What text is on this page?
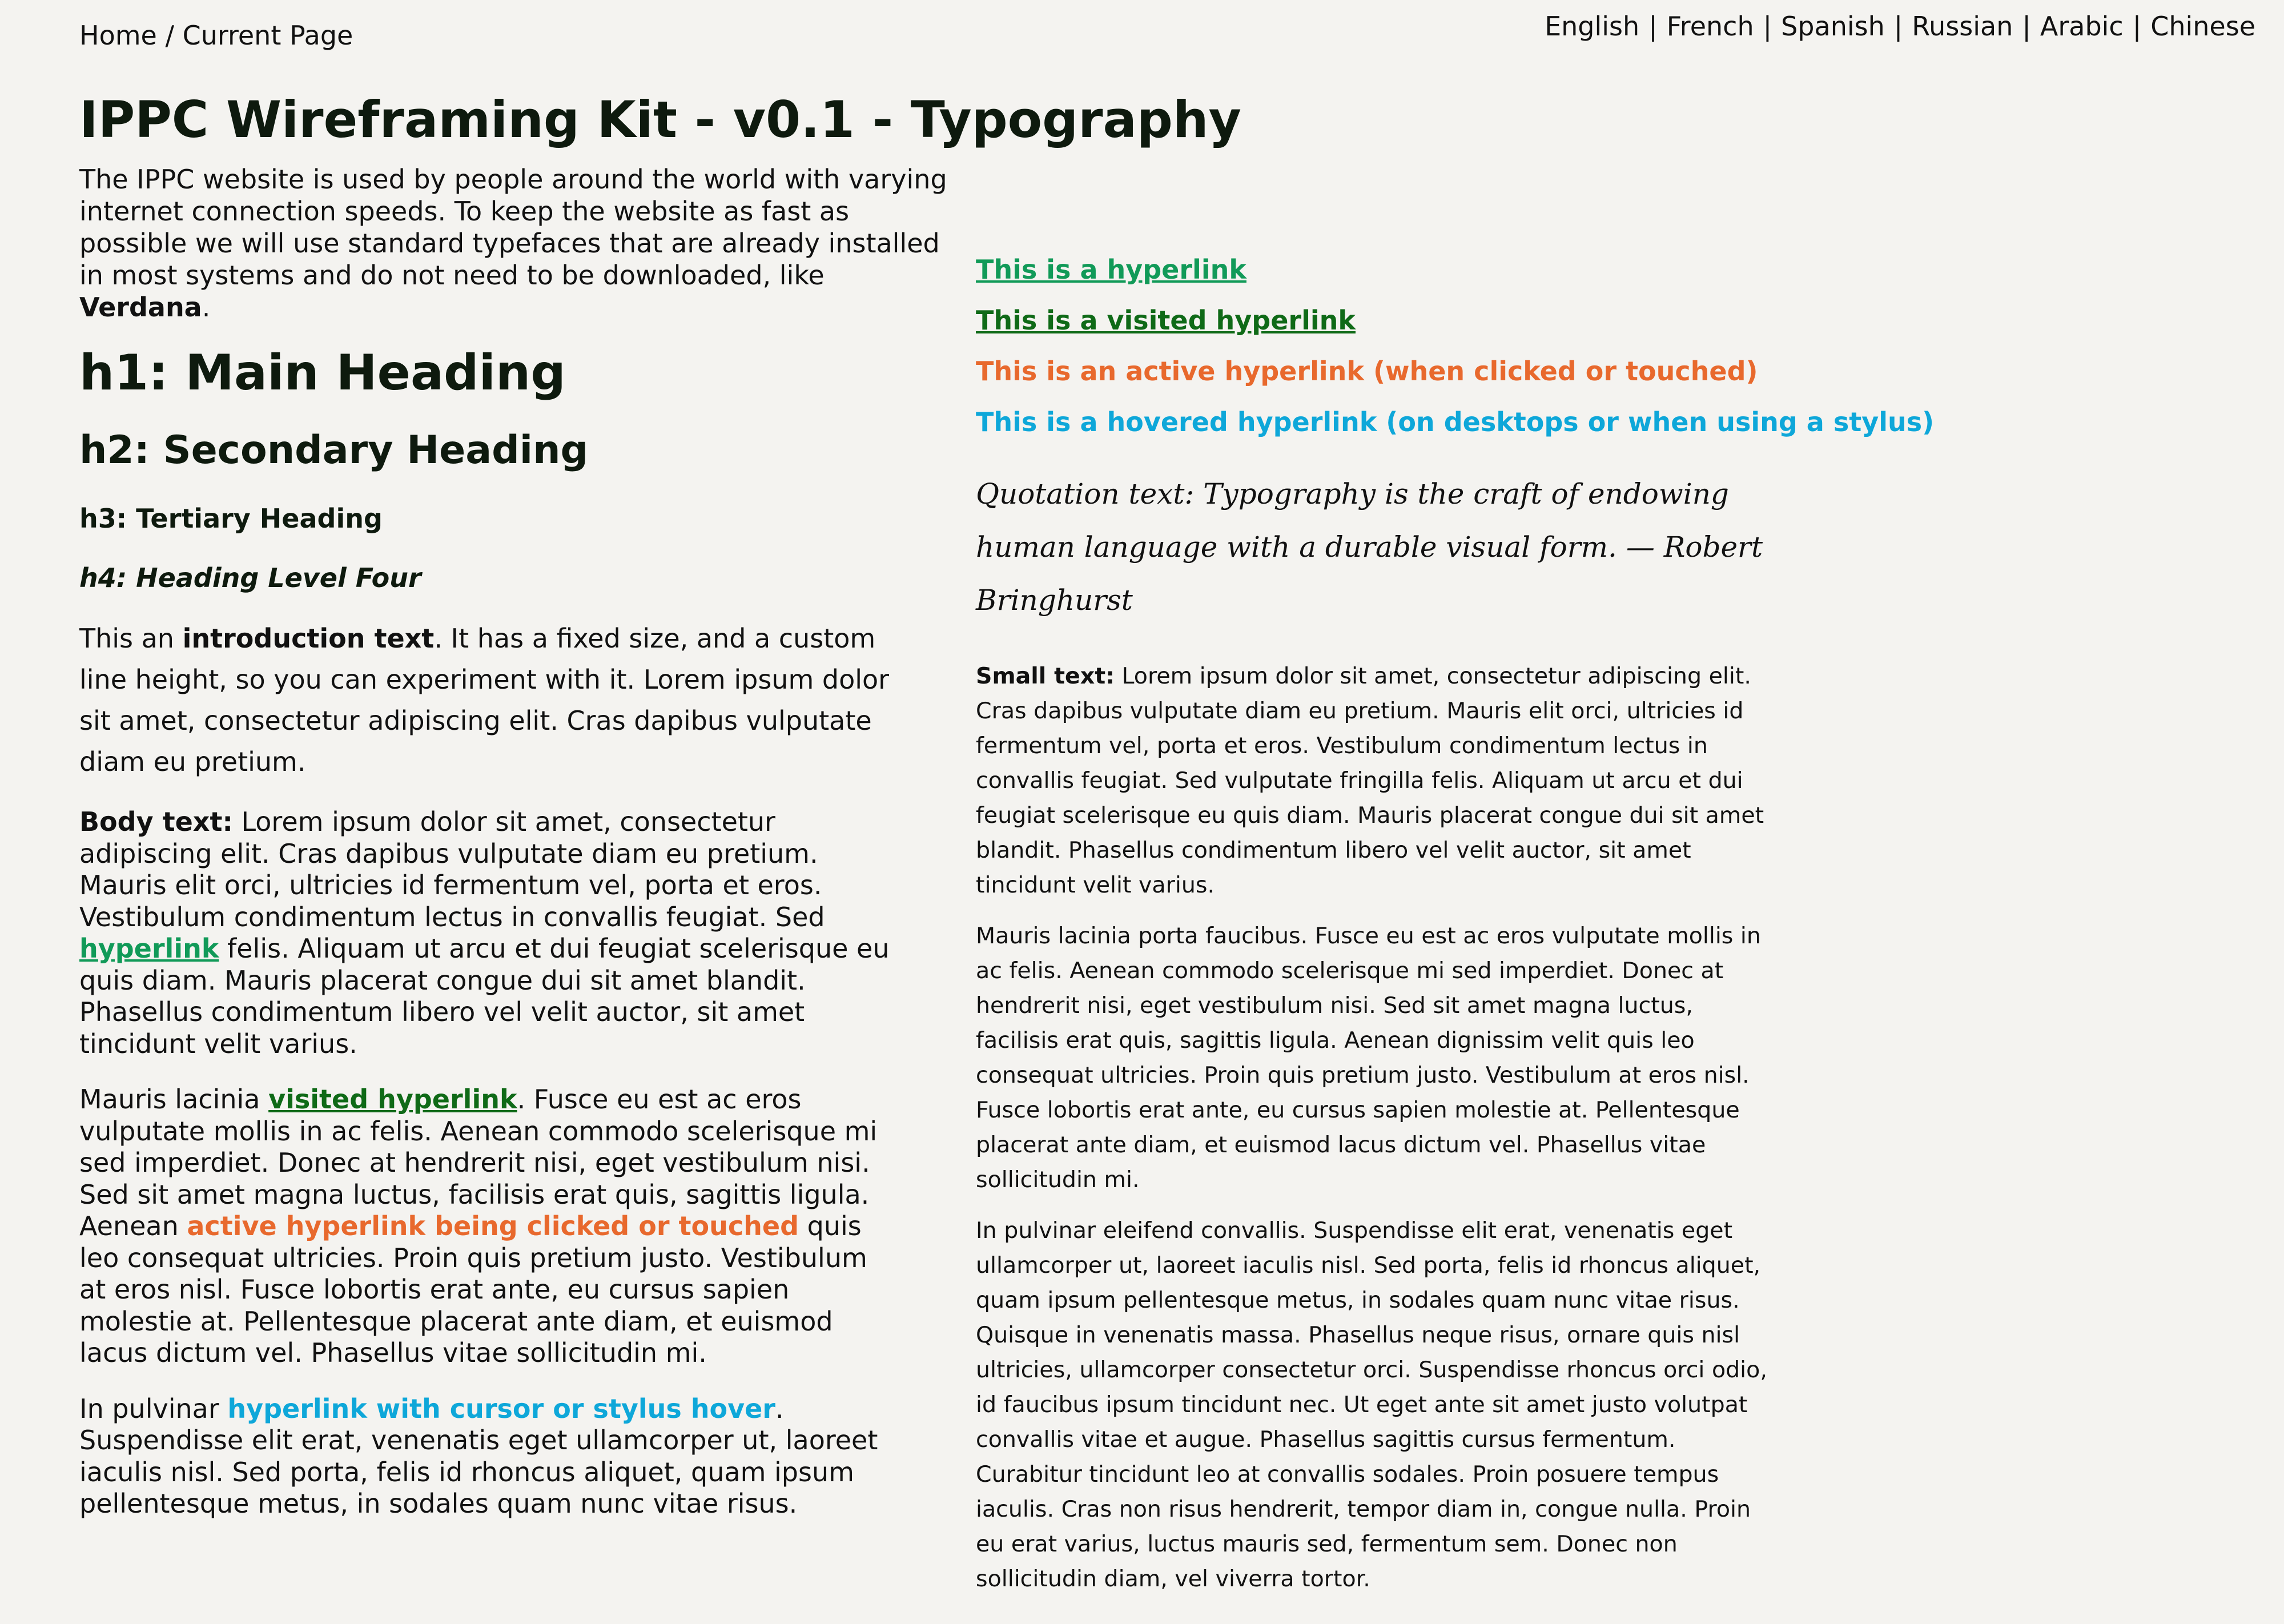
Home / Current Page	English | French | Spanish | Russian | Arabic | Chinese
IPPC Wireframing Kit - v0.1 - Typography

The IPPC website is used by people around the world with varying internet connection speeds. To keep the website as fast as possible we will use standard typefaces that are already installed in most systems and do not need to be downloaded, like Verdana.

h1: Main Heading
h2: Secondary Heading
h3: Tertiary Heading
h4: Heading Level Four

This an introduction text. It has a fixed size, and a custom line height, so you can experiment with it. Lorem ipsum dolor sit amet, consectetur adipiscing elit. Cras dapibus vulputate diam eu pretium.

Body text: Lorem ipsum dolor sit amet, consectetur adipiscing elit. Cras dapibus vulputate diam eu pretium. Mauris elit orci, ultricies id fermentum vel, porta et eros. Vestibulum condimentum lectus in convallis feugiat. Sed hyperlink felis. Aliquam ut arcu et dui feugiat scelerisque eu quis diam. Mauris placerat congue dui sit amet blandit. Phasellus condimentum libero vel velit auctor, sit amet tincidunt velit varius.

Mauris lacinia visited hyperlink. Fusce eu est ac eros vulputate mollis in ac felis. Aenean commodo scelerisque mi sed imperdiet. Donec at hendrerit nisi, eget vestibulum nisi. Sed sit amet magna luctus, facilisis erat quis, sagittis ligula. Aenean active hyperlink being clicked or touched quis leo consequat ultricies. Proin quis pretium justo. Vestibulum at eros nisl. Fusce lobortis erat ante, eu cursus sapien molestie at. Pellentesque placerat ante diam, et euismod lacus dictum vel. Phasellus vitae sollicitudin mi.

In pulvinar hyperlink with cursor or stylus hover. Suspendisse elit erat, venenatis eget ullamcorper ut, laoreet iaculis nisl. Sed porta, felis id rhoncus aliquet, quam ipsum pellentesque metus, in sodales quam nunc vitae risus.

This is a hyperlink
This is a visited hyperlink
This is an active hyperlink (when clicked or touched)
This is a hovered hyperlink (on desktops or when using a stylus)

Quotation text: Typography is the craft of endowing human language with a durable visual form. — Robert Bringhurst

Small text: Lorem ipsum dolor sit amet, consectetur adipiscing elit. Cras dapibus vulputate diam eu pretium. Mauris elit orci, ultricies id fermentum vel, porta et eros. Vestibulum condimentum lectus in convallis feugiat. Sed vulputate fringilla felis. Aliquam ut arcu et dui feugiat scelerisque eu quis diam. Mauris placerat congue dui sit amet blandit. Phasellus condimentum libero vel velit auctor, sit amet tincidunt velit varius.

Mauris lacinia porta faucibus. Fusce eu est ac eros vulputate mollis in ac felis. Aenean commodo scelerisque mi sed imperdiet. Donec at hendrerit nisi, eget vestibulum nisi. Sed sit amet magna luctus, facilisis erat quis, sagittis ligula. Aenean dignissim velit quis leo consequat ultricies. Proin quis pretium justo. Vestibulum at eros nisl. Fusce lobortis erat ante, eu cursus sapien molestie at. Pellentesque placerat ante diam, et euismod lacus dictum vel. Phasellus vitae sollicitudin mi.

In pulvinar eleifend convallis. Suspendisse elit erat, venenatis eget ullamcorper ut, laoreet iaculis nisl. Sed porta, felis id rhoncus aliquet, quam ipsum pellentesque metus, in sodales quam nunc vitae risus. Quisque in venenatis massa. Phasellus neque risus, ornare quis nisl ultricies, ullamcorper consectetur orci. Suspendisse rhoncus orci odio, id faucibus ipsum tincidunt nec. Ut eget ante sit amet justo volutpat convallis vitae et augue. Phasellus sagittis cursus fermentum. Curabitur tincidunt leo at convallis sodales. Proin posuere tempus iaculis. Cras non risus hendrerit, tempor diam in, congue nulla. Proin eu erat varius, luctus mauris sed, fermentum sem. Donec non sollicitudin diam, vel viverra tortor.
